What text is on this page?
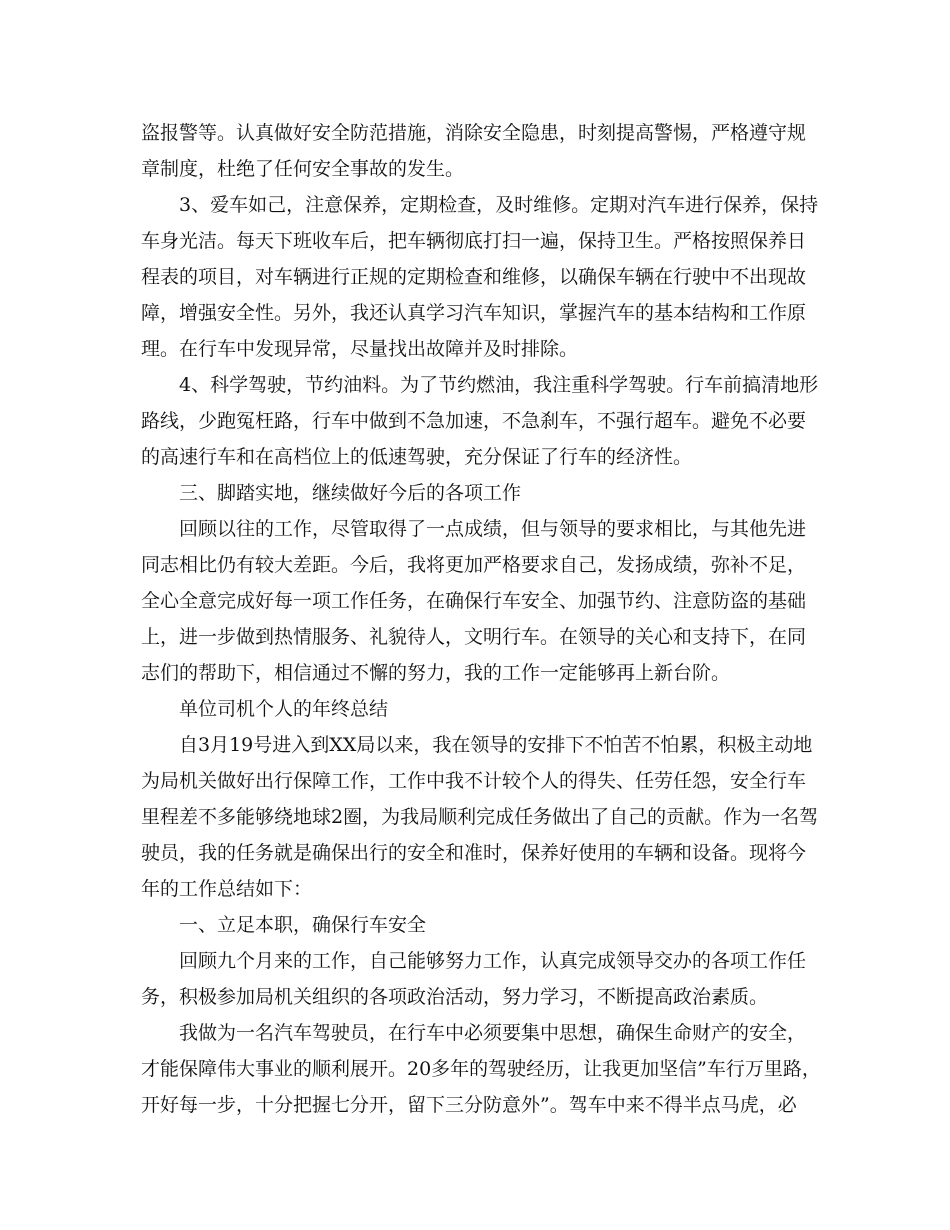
盗报警等。认真做好安全防范措施，消除安全隐患，时刻提高警惕，严格遵守规
章制度，杜绝了任何安全事故的发生。
3、爱车如己，注意保养，定期检查，及时维修。定期对汽车进行保养，保持
车身光洁。每天下班收车后，把车辆彻底打扫一遍，保持卫生。严格按照保养日
程表的项目，对车辆进行正规的定期检查和维修，以确保车辆在行驶中不出现故
障，增强安全性。另外，我还认真学习汽车知识，掌握汽车的基本结构和工作原
理。在行车中发现异常，尽量找出故障并及时排除。
4、科学驾驶，节约油料。为了节约燃油，我注重科学驾驶。行车前搞清地形
路线，少跑冤枉路，行车中做到不急加速，不急刹车，不强行超车。避免不必要
的高速行车和在高档位上的低速驾驶，充分保证了行车的经济性。
三、脚踏实地，继续做好今后的各项工作
回顾以往的工作，尽管取得了一点成绩，但与领导的要求相比，与其他先进
同志相比仍有较大差距。今后，我将更加严格要求自己，发扬成绩，弥补不足，
全心全意完成好每一项工作任务，在确保行车安全、加强节约、注意防盗的基础
上，进一步做到热情服务、礼貌待人，文明行车。在领导的关心和支持下，在同
志们的帮助下，相信通过不懈的努力，我的工作一定能够再上新台阶。
单位司机个人的年终总结
自3月19号进入到XX局以来，我在领导的安排下不怕苦不怕累，积极主动地
为局机关做好出行保障工作，工作中我不计较个人的得失、任劳任怨，安全行车
里程差不多能够绕地球2圈，为我局顺利完成任务做出了自己的贡献。作为一名驾
驶员，我的任务就是确保出行的安全和准时，保养好使用的车辆和设备。现将今
年的工作总结如下：
一、立足本职，确保行车安全
回顾九个月来的工作，自己能够努力工作，认真完成领导交办的各项工作任
务，积极参加局机关组织的各项政治活动，努力学习，不断提高政治素质。
我做为一名汽车驾驶员，在行车中必须要集中思想，确保生命财产的安全，
才能保障伟大事业的顺利展开。20多年的驾驶经历，让我更加坚信”车行万里路，
开好每一步，十分把握七分开，留下三分防意外”。驾车中来不得半点马虎，必
